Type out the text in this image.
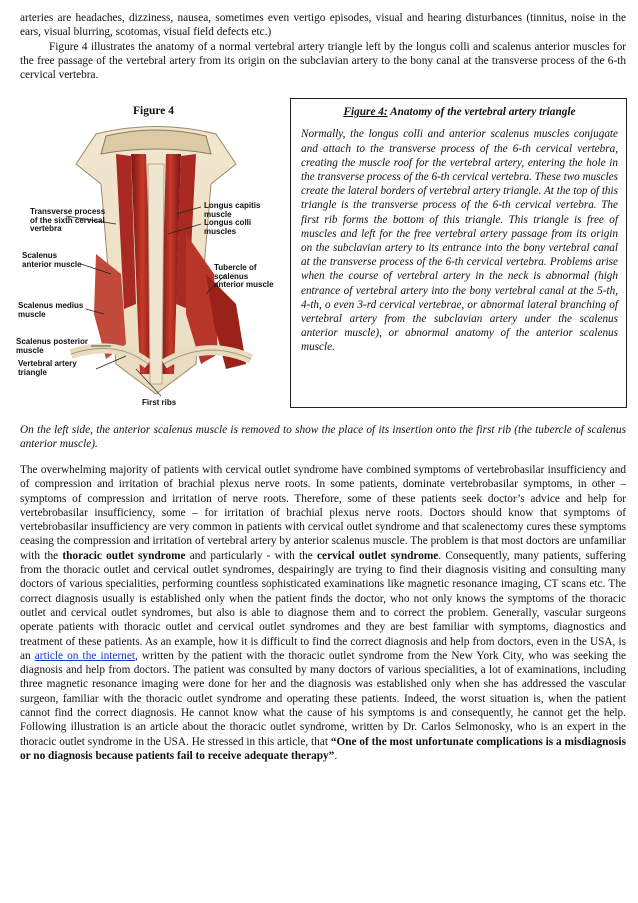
arteries are headaches, dizziness, nausea, sometimes even vertigo episodes, visual and hearing disturbances (tinnitus, noise in the ears, visual blurring, scotomas, visual field defects etc.)
Figure 4 illustrates the anatomy of a normal vertebral artery triangle left by the longus colli and scalenus anterior muscles for the free passage of the vertebral artery from its origin on the subclavian artery to the bony canal at the transverse process of the 6-th cervical vertebra.
Figure 4
Transverse process of the sixth cervical vertebra
Longus capitis muscle
Longus colli muscles
Scalenus anterior muscle	Tubercle of scalenus anterior muscle
Scalenus medius muscle
Scalenus posterior muscle
Vertebral artery triangle
First ribs
Figure 4: Anatomy of the vertebral artery triangle
Normally, the longus colli and anterior scalenus muscles conjugate and attach to the transverse process of the 6-th cervical vertebra, creating the muscle roof for the vertebral artery, entering the hole in the transverse process of the 6-th cervical vertebra. These two muscles create the lateral borders of vertebral artery triangle. At the top of this triangle is the transverse process of the 6-th cervical vertebra. The first rib forms the bottom of this triangle. This triangle is free of muscles and left for the free vertebral artery passage from its origin on the subclavian artery to its entrance into the bony vertebral canal at the transverse process of the 6-th cervical vertebra. Problems arise when the course of vertebral artery in the neck is abnormal (high entrance of vertebral artery into the bony vertebral canal at the 5-th, 4-th, o even 3-rd cervical vertebrae, or abnormal lateral branching of vertebral artery from the subclavian artery under the scalenus anterior muscle), or abnormal anatomy of the anterior scalenus muscle.
On the left side, the anterior scalenus muscle is removed to show the place of its insertion onto the first rib (the tubercle of scalenus anterior muscle).
The overwhelming majority of patients with cervical outlet syndrome have combined symptoms of vertebrobasilar insufficiency and of compression and irritation of brachial plexus nerve roots. In some patients, dominate vertebrobasilar symptoms, in other – symptoms of compression and irritation of nerve roots. Therefore, some of these patients seek doctor’s advice and help for vertebrobasilar insufficiency, some – for irritation of brachial plexus nerve roots. Doctors should know that symptoms of vertebrobasilar insufficiency are very common in patients with cervical outlet syndrome and that scalenectomy cures these symptoms ceasing the compression and irritation of vertebral artery by anterior scalenus muscle. The problem is that most doctors are unfamiliar with the thoracic outlet syndrome and particularly - with the cervical outlet syndrome. Consequently, many patients, suffering from the thoracic outlet and cervical outlet syndromes, despairingly are trying to find their diagnosis visiting and consulting many doctors of various specialities, performing countless sophisticated examinations like magnetic resonance imaging, CT scans etc. The correct diagnosis usually is established only when the patient finds the doctor, who not only knows the symptoms of the thoracic outlet and cervical outlet syndromes, but also is able to diagnose them and to correct the problem. Generally, vascular surgeons operate patients with thoracic outlet and cervical outlet syndromes and they are best familiar with symptoms, diagnostics and treatment of these patients. As an example, how it is difficult to find the correct diagnosis and help from doctors, even in the USA, is an article on the internet, written by the patient with the thoracic outlet syndrome from the New York City, who was seeking the diagnosis and help from doctors. The patient was consulted by many doctors of various specialities, a lot of examinations, including three magnetic resonance imaging were done for her and the diagnosis was established only when she has addressed the vascular surgeon, familiar with the thoracic outlet syndrome and operating these patients. Indeed, the worst situation is, when the patient cannot find the correct diagnosis. He cannot know what the cause of his symptoms is and consequently, he cannot get the help. Following illustration is an article about the thoracic outlet syndrome, written by Dr. Carlos Selmonosky, who is an expert in the thoracic outlet syndrome in the USA. He stressed in this article, that “One of the most unfortunate complications is a misdiagnosis or no diagnosis because patients fail to receive adequate therapy”.
